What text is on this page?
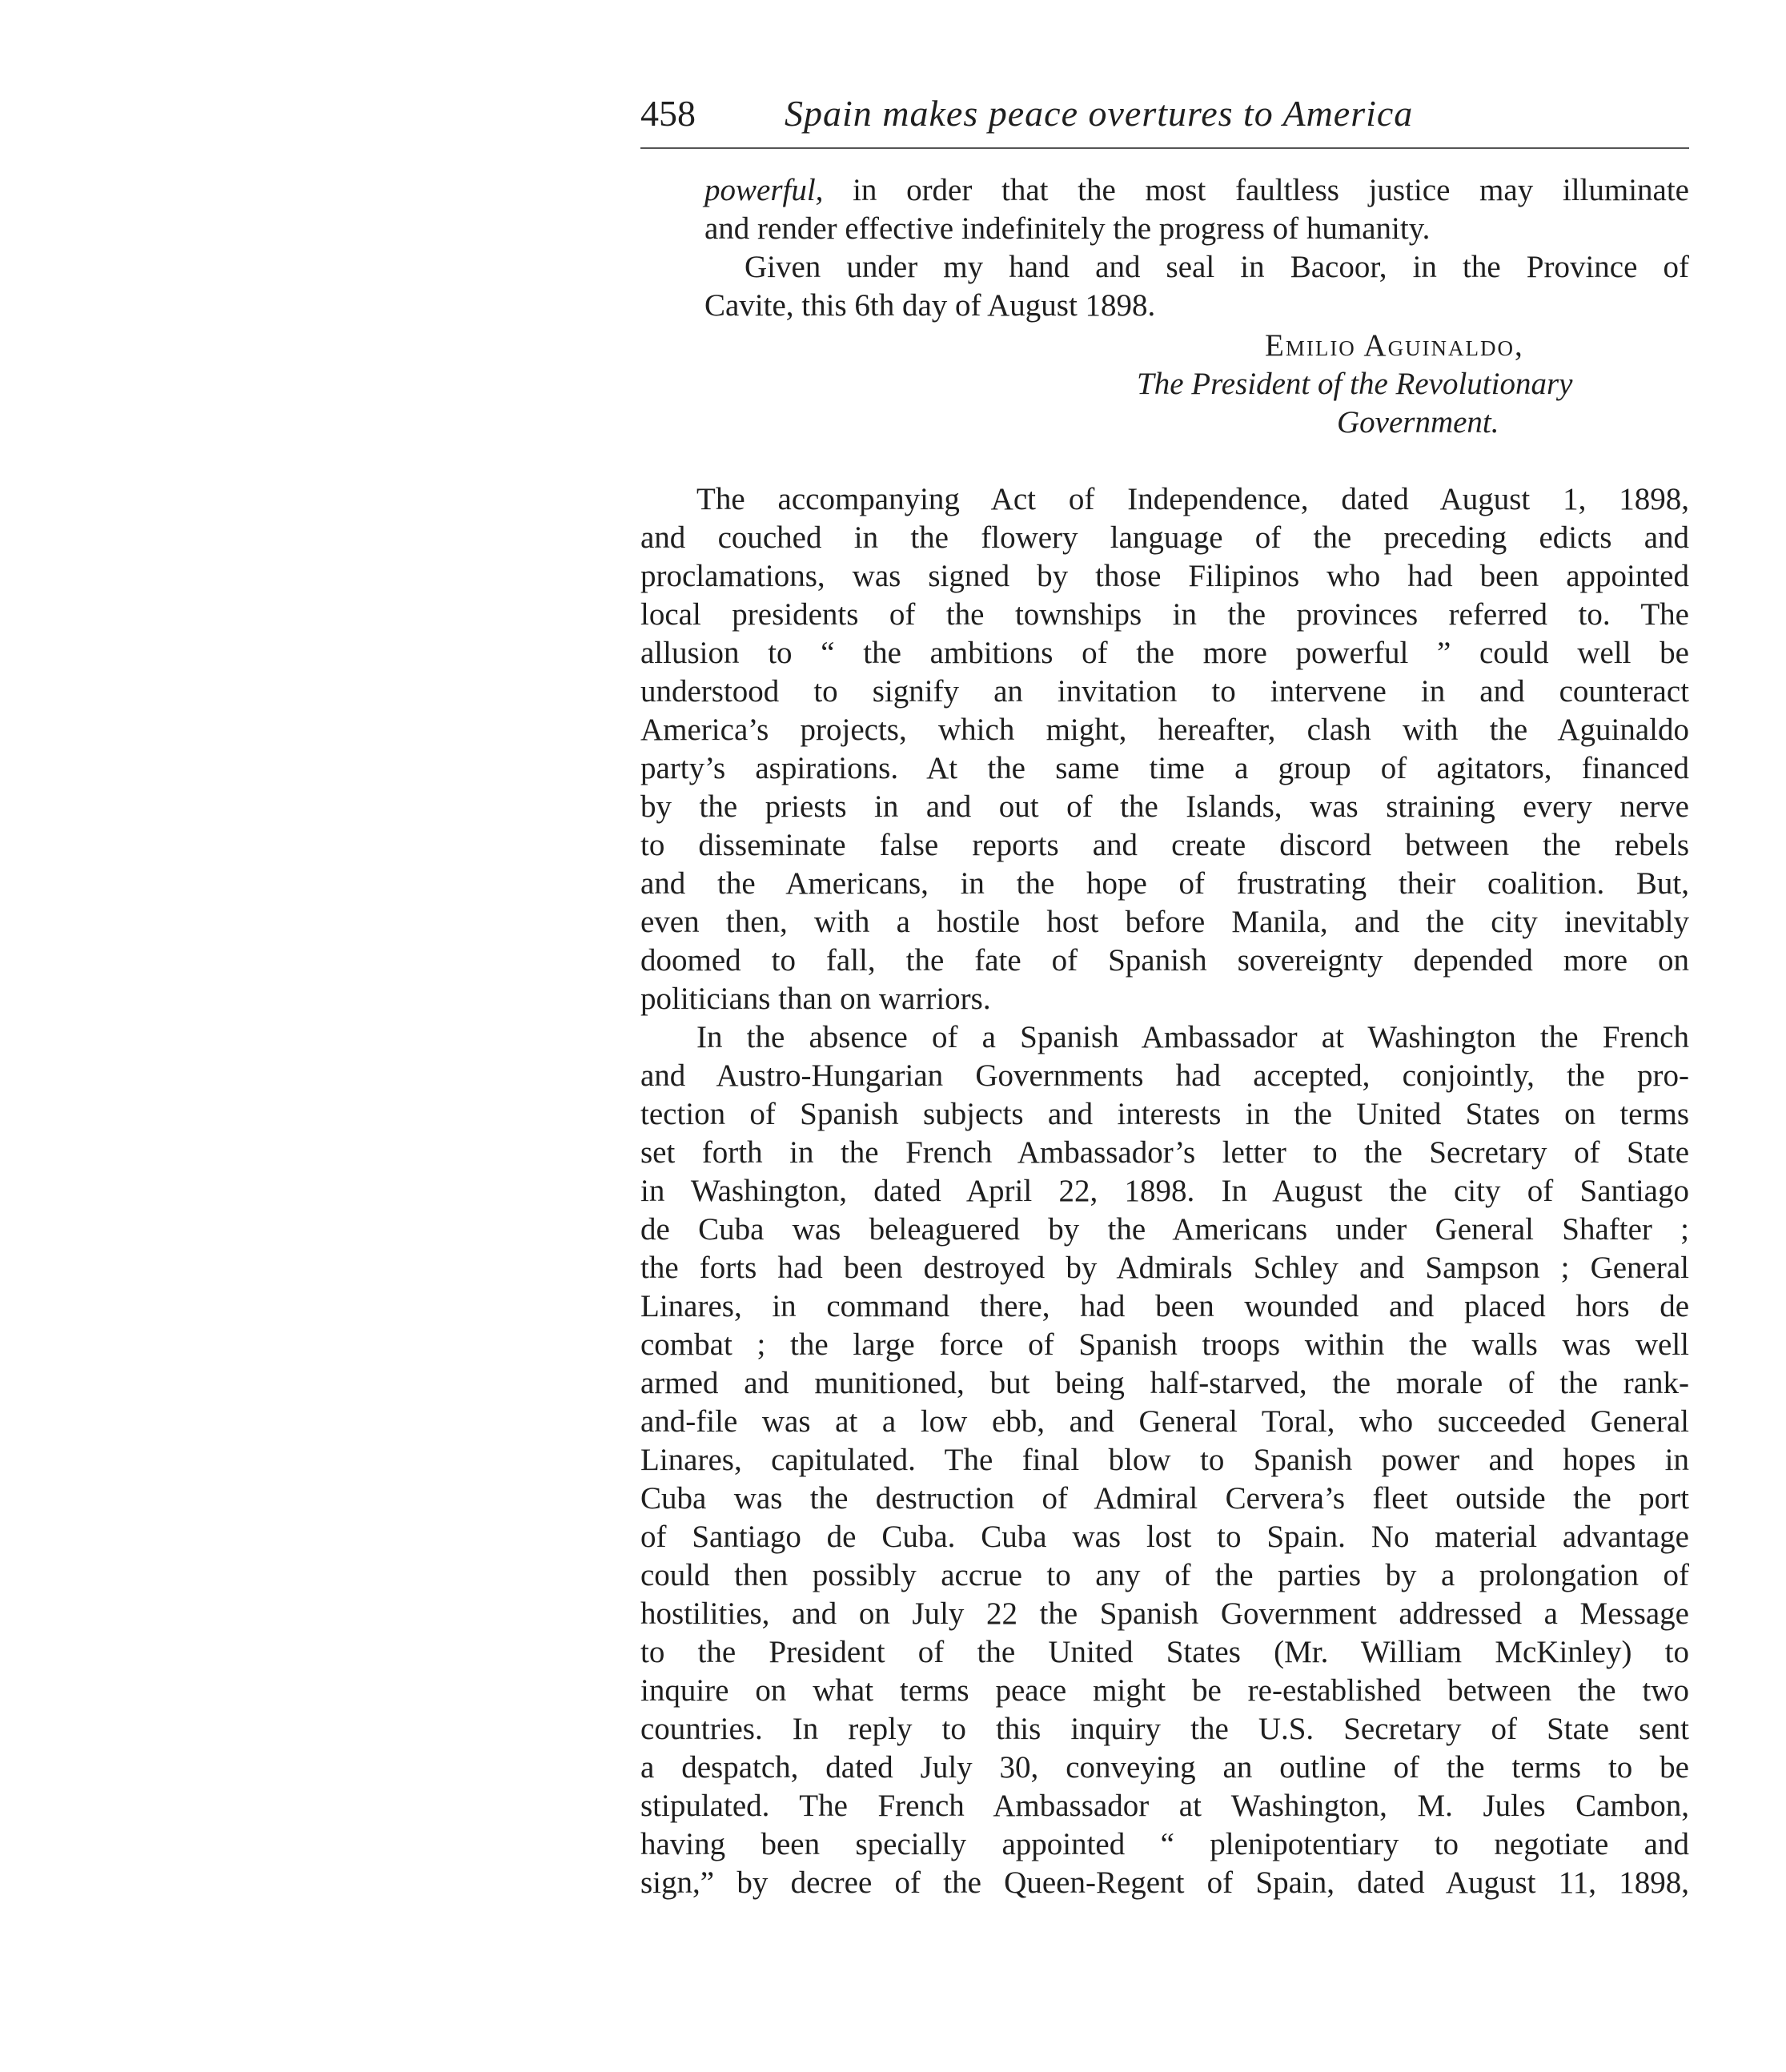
458 Spain makes peace overtures to America
powerful, in order that the most faultless justice may illuminate
and render effective indefinitely the progress of humanity.
Given under my hand and seal in Bacoor, in the Province of
Cavite, this 6th day of August 1898.
Emilio Aguinaldo,
The President of the Revolutionary
Government.
The accompanying Act of Independence, dated August 1, 1898,
and couched in the flowery language of the preceding edicts and
proclamations, was signed by those Filipinos who had been appointed
local presidents of the townships in the provinces referred to. The
allusion to “ the ambitions of the more powerful ” could well be
understood to signify an invitation to intervene in and counteract
America’s projects, which might, hereafter, clash with the Aguinaldo
party’s aspirations. At the same time a group of agitators, financed
by the priests in and out of the Islands, was straining every nerve
to disseminate false reports and create discord between the rebels
and the Americans, in the hope of frustrating their coalition. But,
even then, with a hostile host before Manila, and the city inevitably
doomed to fall, the fate of Spanish sovereignty depended more on
politicians than on warriors.
In the absence of a Spanish Ambassador at Washington the French
and Austro-Hungarian Governments had accepted, conjointly, the pro-
tection of Spanish subjects and interests in the United States on terms
set forth in the French Ambassador’s letter to the Secretary of State
in Washington, dated April 22, 1898. In August the city of Santiago
de Cuba was beleaguered by the Americans under General Shafter ;
the forts had been destroyed by Admirals Schley and Sampson ; General
Linares, in command there, had been wounded and placed hors de
combat ; the large force of Spanish troops within the walls was well
armed and munitioned, but being half-starved, the morale of the rank-
and-file was at a low ebb, and General Toral, who succeeded General
Linares, capitulated. The final blow to Spanish power and hopes in
Cuba was the destruction of Admiral Cervera’s fleet outside the port
of Santiago de Cuba. Cuba was lost to Spain. No material advantage
could then possibly accrue to any of the parties by a prolongation of
hostilities, and on July 22 the Spanish Government addressed a Message
to the President of the United States (Mr. William McKinley) to
inquire on what terms peace might be re-established between the two
countries. In reply to this inquiry the U.S. Secretary of State sent
a despatch, dated July 30, conveying an outline of the terms to be
stipulated. The French Ambassador at Washington, M. Jules Cambon,
having been specially appointed “ plenipotentiary to negotiate and
sign,” by decree of the Queen-Regent of Spain, dated August 11, 1898,
